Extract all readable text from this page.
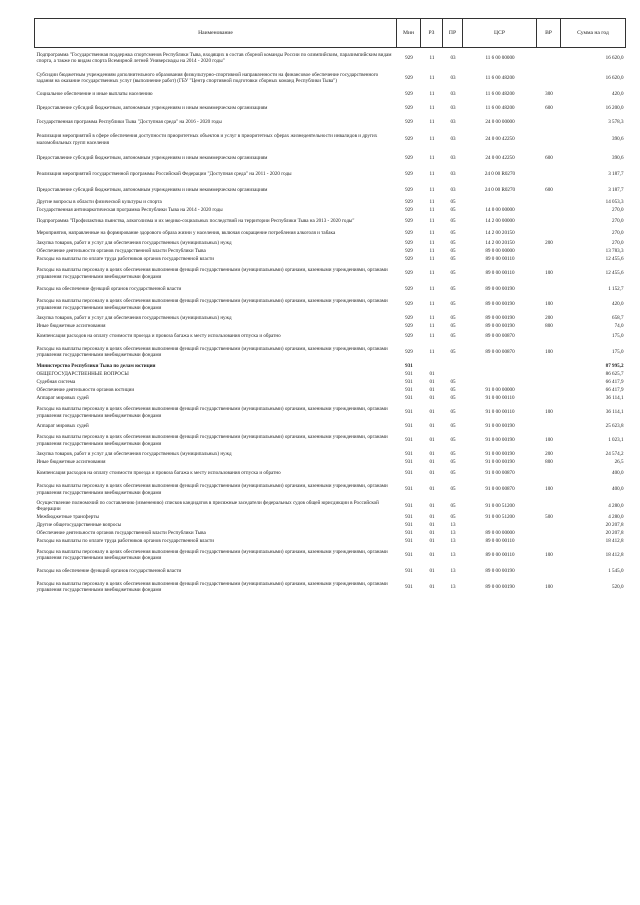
Наименование	Мин	РЗ	ПР	ЦСР	ВР	Сумма на год
Подпрограмма "Государственная поддержка спортсменов Республики Тыва, входящих в состав сборной команды России по олимпийским, паралимпийским видам спорта, а также по видам спорта Всемирной летней Универсиады на 2014 - 2020 годы"	929	11	03	11 6 00 00000		16 620,0
Субсидии бюджетным учреждениям дополнительного образования физкультурно-спортивной направленности на финансовое обеспечение государственного задания на оказание государственных услуг (выполнение работ) (ГБУ "Центр спортивной подготовки сборных команд Республики Тыва")	929	11	03	11 6 00 48200		16 620,0
Социальное обеспечение и иные выплаты населению	929	11	03	11 6 00 48200	300	420,0
Предоставление субсидий бюджетным, автономным учреждениям и иным некоммерческим организациям	929	11	03	11 6 00 48200	600	16 200,0
Государственная программа Республики Тыва "Доступная среда" на 2016 - 2020 годы	929	11	03	24 0 00 00000		3 578,3
Реализация мероприятий в сфере обеспечения доступности приоритетных объектов и услуг в приоритетных сферах жизнедеятельности инвалидов и других маломобильных групп населения	929	11	03	24 0 00 42250		390,6
Предоставление субсидий бюджетным, автономным учреждениям и иным некоммерческим организациям	929	11	03	24 0 00 42250	600	390,6
Реализация мероприятий государственной программы Российской Федерации "Доступная среда" на 2011 - 2020 годы	929	11	03	24 0 00 R0270		3 187,7
Предоставление субсидий бюджетным, автономным учреждениям и иным некоммерческим организациям	929	11	03	24 0 00 R0270	600	3 187,7
Другие вопросы в области физической культуры и спорта	929	11	05			14 053,3
Государственная антинаркотическая программа Республики Тыва на 2014 - 2020 годы	929	11	05	14 0 00 00000		270,0
Подпрограмма "Профилактика пьянства, алкоголизма и их медико-социальных последствий на территории Республики Тыва на 2013 - 2020 годы"	929	11	05	14 2 00 00000		270,0
Мероприятия, направленные на формирование здорового образа жизни у населения, включая сокращение потребления алкоголя и табака	929	11	05	14 2 00 20150		270,0
Закупка товаров, работ и услуг для обеспечения государственных (муниципальных) нужд	929	11	05	14 2 00 20150	200	270,0
Обеспечение деятельности органов государственной власти Республики Тыва	929	11	05	89 0 00 00000		13 783,3
Расходы на выплаты по оплате труда работников органов государственной власти	929	11	05	89 0 00 00110		12 455,6
Расходы на выплаты персоналу в целях обеспечения выполнения функций государственными (муниципальными) органами, казенными учреждениями, органами управления государственными внебюджетными фондами	929	11	05	89 0 00 00110	100	12 455,6
Расходы на обеспечение функций органов государственной власти	929	11	05	89 0 00 00190		1 152,7
Расходы на выплаты персоналу в целях обеспечения выполнения функций государственными (муниципальными) органами, казенными учреждениями, органами управления государственными внебюджетными фондами	929	11	05	89 0 00 00190	100	420,0
Закупка товаров, работ и услуг для обеспечения государственных (муниципальных) нужд	929	11	05	89 0 00 00190	200	658,7
Иные бюджетные ассигнования	929	11	05	89 0 00 00190	800	74,0
Компенсация расходов на оплату стоимости проезда и провоза багажа к месту использования отпуска и обратно	929	11	05	89 0 00 00870		175,0
Расходы на выплаты персоналу в целях обеспечения выполнения функций государственными (муниципальными) органами, казенными учреждениями, органами управления государственными внебюджетными фондами	929	11	05	89 0 00 00870	100	175,0
Министерство Республики Тыва по делам юстиции	931					87 995,2
ОБЩЕГОСУДАРСТВЕННЫЕ ВОПРОСЫ	931	01				86 625,7
Судебная система	931	01	05			66 417,9
Обеспечение деятельности органов юстиции	931	01	05	91 0 00 00000		66 417,9
Аппарат мировых судей	931	01	05	91 0 00 00110		36 114,1
Расходы на выплаты персоналу в целях обеспечения выполнения функций государственными (муниципальными) органами, казенными учреждениями, органами управления государственными внебюджетными фондами	931	01	05	91 0 00 00110	100	36 114,1
Аппарат мировых судей	931	01	05	91 0 00 00190		25 623,8
Расходы на выплаты персоналу в целях обеспечения выполнения функций государственными (муниципальными) органами, казенными учреждениями, органами управления государственными внебюджетными фондами	931	01	05	91 0 00 00190	100	1 023,1
Закупка товаров, работ и услуг для обеспечения государственных (муниципальных) нужд	931	01	05	91 0 00 00190	200	24 574,2
Иные бюджетные ассигнования	931	01	05	91 0 00 00190	800	26,5
Компенсация расходов на оплату стоимости проезда и провоза багажа к месту использования отпуска и обратно	931	01	05	91 0 00 00870		400,0
Расходы на выплаты персоналу в целях обеспечения выполнения функций государственными (муниципальными) органами, казенными учреждениями, органами управления государственными внебюджетными фондами	931	01	05	91 0 00 00870	100	400,0
Осуществление полномочий по составлению (изменению) списков кандидатов в присяжные заседатели федеральных судов общей юрисдикции в Российской Федерации	931	01	05	91 0 00 51200		4 280,0
Межбюджетные трансферты	931	01	05	91 0 00 51200	500	4 280,0
Другие общегосударственные вопросы	931	01	13			20 207,8
Обеспечение деятельности органов государственной власти Республики Тыва	931	01	13	89 0 00 00000		20 207,8
Расходы на выплаты по оплате труда работников органов государственной власти	931	01	13	89 0 00 00110		18 412,8
Расходы на выплаты персоналу в целях обеспечения выполнения функций государственными (муниципальными) органами, казенными учреждениями, органами управления государственными внебюджетными фондами	931	01	13	89 0 00 00110	100	18 412,8
Расходы на обеспечение функций органов государственной власти	931	01	13	89 0 00 00190		1 545,0
Расходы на выплаты персоналу в целях обеспечения выполнения функций государственными (муниципальными) органами, казенными учреждениями, органами управления государственными внебюджетными фондами	931	01	13	89 0 00 00190	100	520,0
